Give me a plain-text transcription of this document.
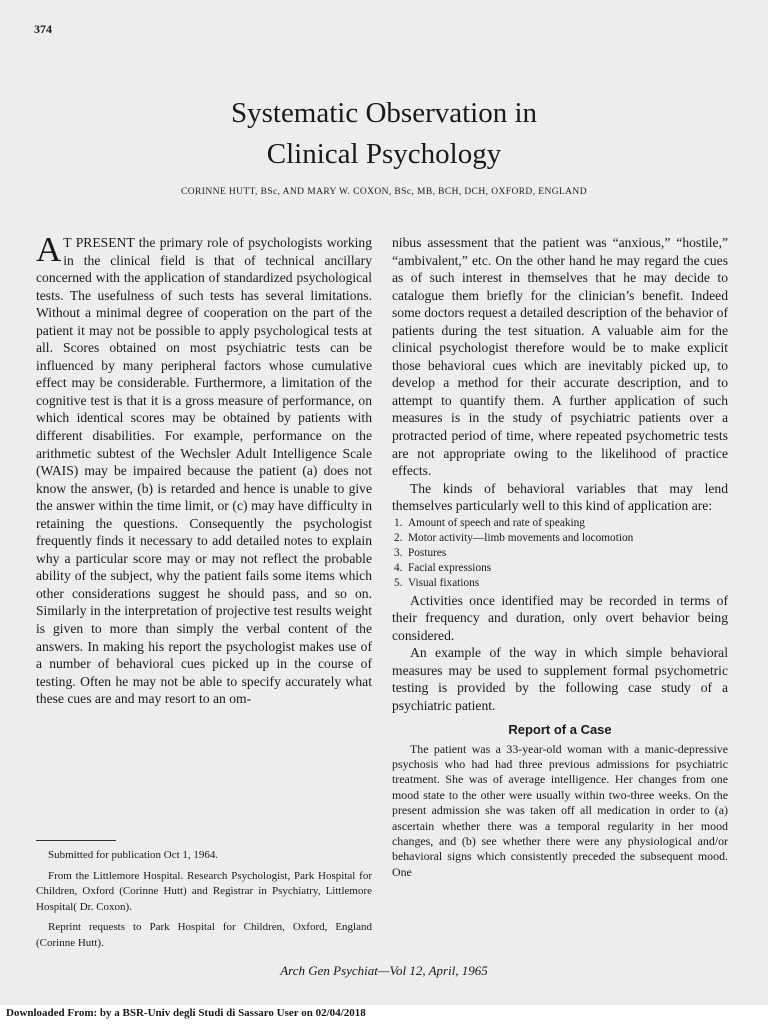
374
Systematic Observation in
Clinical Psychology
CORINNE HUTT, BSc, AND MARY W. COXON, BSc, MB, BCH, DCH, OXFORD, ENGLAND

A T PRESENT the primary role of psychologists working in the clinical field is that of technical ancillary concerned with the application of standardized psychological tests. The usefulness of such tests has several limitations. Without a minimal degree of cooperation on the part of the patient it may not be possible to apply psychological tests at all. Scores obtained on most psychiatric tests can be influenced by many peripheral factors whose cumulative effect may be considerable. Furthermore, a limitation of the cognitive test is that it is a gross measure of performance, on which identical scores may be obtained by patients with different disabilities. For example, performance on the arithmetic subtest of the Wechsler Adult Intelligence Scale (WAIS) may be impaired because the patient (a) does not know the answer, (b) is retarded and hence is unable to give the answer within the time limit, or (c) may have difficulty in retaining the questions. Consequently the psychologist frequently finds it necessary to add detailed notes to explain why a particular score may or may not reflect the probable ability of the subject, why the patient fails some items which other considerations suggest he should pass, and so on. Similarly in the interpretation of projective test results weight is given to more than simply the verbal content of the answers. In making his report the psychologist makes use of a number of behavioral cues picked up in the course of testing. Often he may not be able to specify accurately what these cues are and may resort to an om-

Submitted for publication Oct 1, 1964.

From the Littlemore Hospital. Research Psychologist, Park Hospital for Children, Oxford (Corinne Hutt) and Registrar in Psychiatry, Littlemore Hospital( Dr. Coxon).

Reprint requests to Park Hospital for Children, Oxford, England (Corinne Hutt).

nibus assessment that the patient was “anxious,” “hostile,” “ambivalent,” etc. On the other hand he may regard the cues as of such interest in themselves that he may decide to catalogue them briefly for the clinician’s benefit. Indeed some doctors request a detailed description of the behavior of patients during the test situation. A valuable aim for the clinical psychologist therefore would be to make explicit those behavioral cues which are inevitably picked up, to develop a method for their accurate description, and to attempt to quantify them. A further application of such measures is in the study of psychiatric patients over a protracted period of time, where repeated psychometric tests are not appropriate owing to the likelihood of practice effects.

The kinds of behavioral variables that may lend themselves particularly well to this kind of application are:

1. Amount of speech and rate of speaking
2. Motor activity—limb movements and locomotion
3. Postures
4. Facial expressions
5. Visual fixations

Activities once identified may be recorded in terms of their frequency and duration, only overt behavior being considered.

An example of the way in which simple behavioral measures may be used to supplement formal psychometric testing is provided by the following case study of a psychiatric patient.

Report of a Case

The patient was a 33-year-old woman with a manic-depressive psychosis who had had three previous admissions for psychiatric treatment. She was of average intelligence. Her changes from one mood state to the other were usually within two-three weeks. On the present admission she was taken off all medication in order to (a) ascertain whether there was a temporal regularity in her mood changes, and (b) see whether there were any physiological and/or behavioral signs which consistently preceded the subsequent mood. One

Arch Gen Psychiat—Vol 12, April, 1965
Downloaded From: by a BSR-Univ degli Studi di Sassaro User on 02/04/2018
